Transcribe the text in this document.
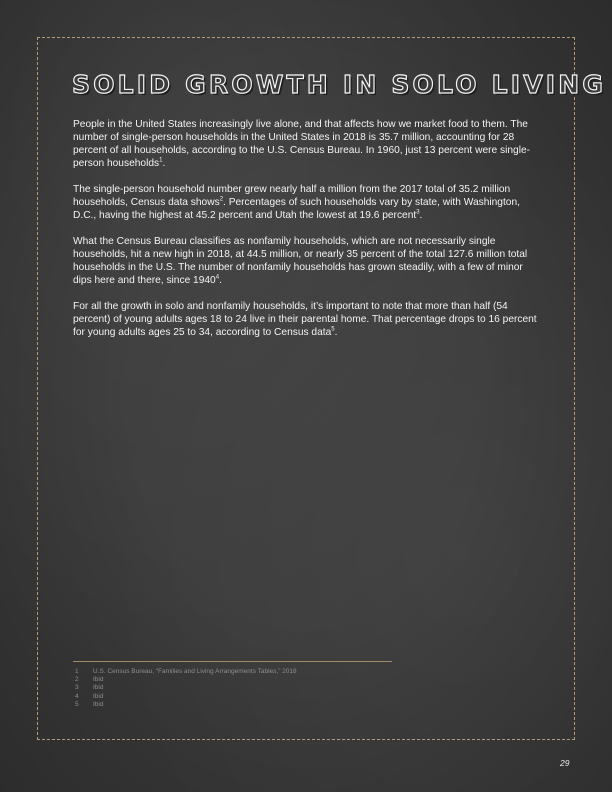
SOLID GROWTH IN SOLO LIVING

People in the United States increasingly live alone, and that affects how we market food to them. The number of single-person households in the United States in 2018 is 35.7 million, accounting for 28 percent of all households, according to the U.S. Census Bureau. In 1960, just 13 percent were single-person households$^1$.

The single-person household number grew nearly half a million from the 2017 total of 35.2 million households, Census data shows$^2$. Percentages of such households vary by state, with Washington, D.C., having the highest at 45.2 percent and Utah the lowest at 19.6 percent$^3$.

What the Census Bureau classifies as nonfamily households, which are not necessarily single households, hit a new high in 2018, at 44.5 million, or nearly 35 percent of the total 127.6 million total households in the U.S. The number of nonfamily households has grown steadily, with a few of minor dips here and there, since 1940$^4$.

For all the growth in solo and nonfamily households, it’s important to note that more than half (54 percent) of young adults ages 18 to 24 live in their parental home. That percentage drops to 16 percent for young adults ages 25 to 34, according to Census data$^5$.

1 U.S. Census Bureau, “Families and Living Arrangements Tables,” 2018
2 Ibid
3 Ibid
4 Ibid
5 Ibid
29
